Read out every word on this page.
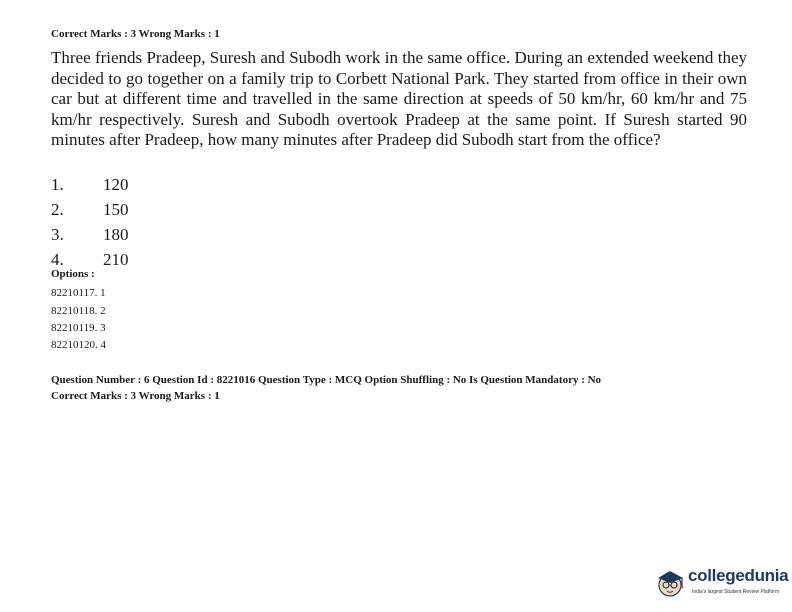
Correct Marks : 3 Wrong Marks : 1
Three friends Pradeep, Suresh and Subodh work in the same office. During an extended weekend they decided to go together on a family trip to Corbett National Park. They started from office in their own car but at different time and travelled in the same direction at speeds of 50 km/hr, 60 km/hr and 75 km/hr respectively. Suresh and Subodh overtook Pradeep at the same point. If Suresh started 90 minutes after Pradeep, how many minutes after Pradeep did Subodh start from the office?
1. 120
2. 150
3. 180
4. 210
Options :
82210117. 1
82210118. 2
82210119. 3
82210120. 4
Question Number : 6 Question Id : 8221016 Question Type : MCQ Option Shuffling : No Is Question Mandatory : No
Correct Marks : 3 Wrong Marks : 1
collegedunia
India's largest Student Review Platform
